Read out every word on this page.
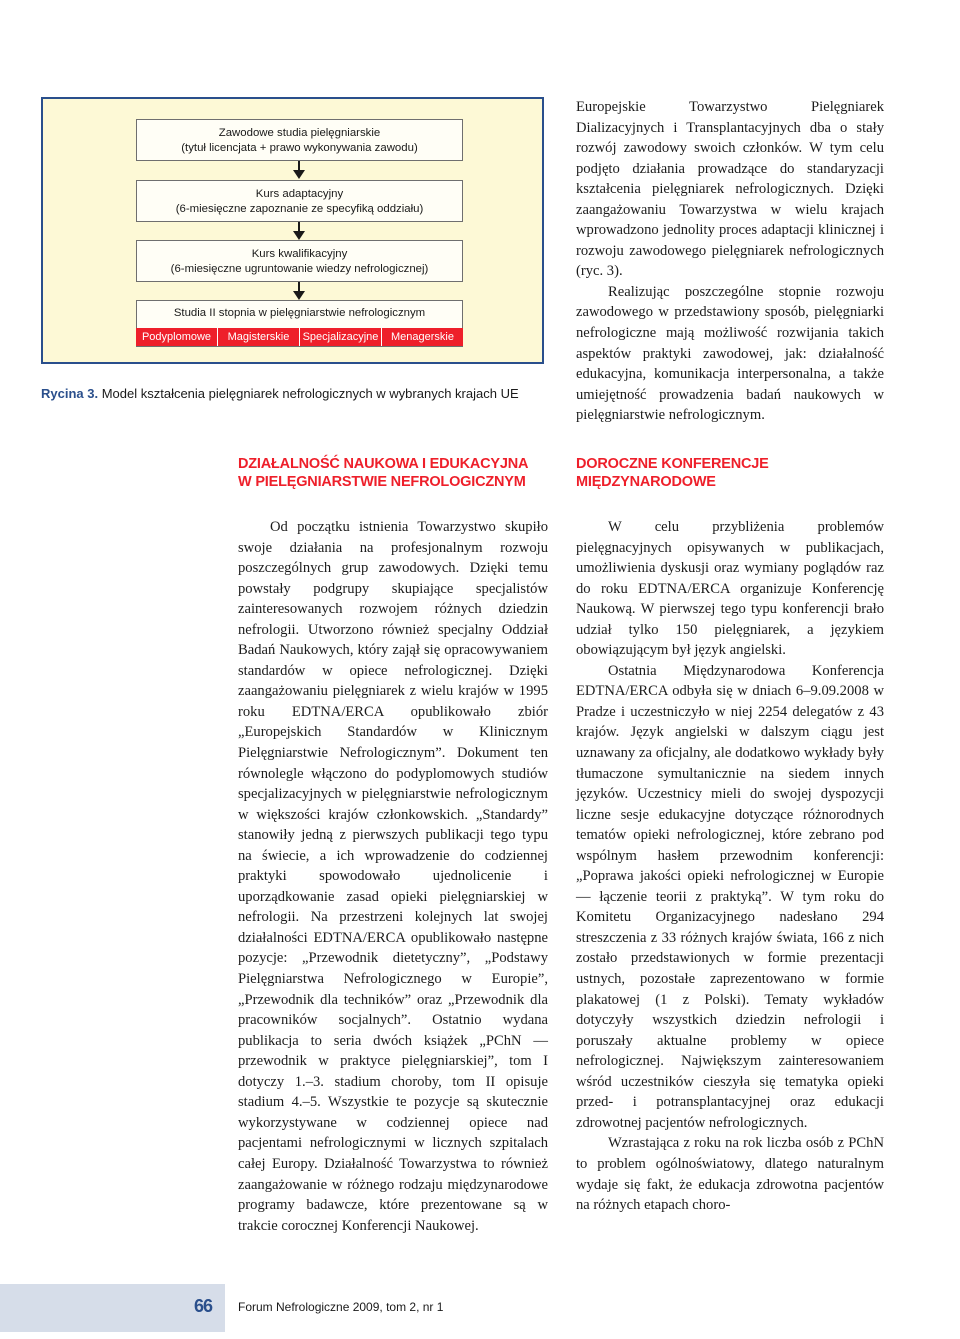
Zawodowe studia pielęgniarskie
(tytuł licencjata + prawo wykonywania zawodu)
Kurs adaptacyjny
(6-miesięczne zapoznanie ze specyfiką oddziału)
Kurs kwalifikacyjny
(6-miesięczne ugruntowanie wiedzy nefrologicznej)
Studia II stopnia w pielęgniarstwie nefrologicznym
Podyplomowe	Magisterskie	Specjalizacyjne	Menagerskie
Rycina 3. Model kształcenia pielęgniarek nefrologicznych w wybranych krajach UE

Europejskie Towarzystwo Pielęgniarek Dializacyjnych i Transplantacyjnych dba o stały rozwój zawodowy swoich członków. W tym celu podjęto działania prowadzące do standaryzacji kształcenia pielęgniarek nefrologicznych. Dzięki zaangażowaniu Towarzystwa w wielu krajach wprowadzono jednolity proces adaptacji klinicznej i rozwoju zawodowego pielęgniarek nefrologicznych (ryc. 3).

Realizując poszczególne stopnie rozwoju zawodowego w przedstawiony sposób, pielęgniarki nefrologiczne mają możliwość rozwijania takich aspektów praktyki zawodowej, jak: działalność edukacyjna, komunikacja interpersonalna, a także umiejętność prowadzenia badań naukowych w pielęgniarstwie nefrologicznym.

DZIAŁALNOŚĆ NAUKOWA I EDUKACYJNA
W PIELĘGNIARSTWIE NEFROLOGICZNYM

Od początku istnienia Towarzystwo skupiło swoje działania na profesjonalnym rozwoju poszczególnych grup zawodowych. Dzięki temu powstały podgrupy skupiające specjalistów zainteresowanych rozwojem różnych dziedzin nefrologii. Utworzono również specjalny Oddział Badań Naukowych, który zajął się opracowywaniem standardów w opiece nefrologicznej. Dzięki zaangażowaniu pielęgniarek z wielu krajów w 1995 roku EDTNA/ERCA opublikowało zbiór „Europejskich Standardów w Klinicznym Pielęgniarstwie Nefrologicznym”. Dokument ten równolegle włączono do podyplomowych studiów specjalizacyjnych w pielęgniarstwie nefrologicznym w większości krajów członkowskich. „Standardy” stanowiły jedną z pierwszych publikacji tego typu na świecie, a ich wprowadzenie do codziennej praktyki spowodowało ujednolicenie i uporządkowanie zasad opieki pielęgniarskiej w nefrologii. Na przestrzeni kolejnych lat swojej działalności EDTNA/ERCA opublikowało następne pozycje: „Przewodnik dietetyczny”, „Podstawy Pielęgniarstwa Nefrologicznego w Europie”, „Przewodnik dla techników” oraz „Przewodnik dla pracowników socjalnych”. Ostatnio wydana publikacja to seria dwóch książek „PChN — przewodnik w praktyce pielęgniarskiej”, tom I dotyczy 1.–3. stadium choroby, tom II opisuje stadium 4.–5. Wszystkie te pozycje są skutecznie wykorzystywane w codziennej opiece nad pacjentami nefrologicznymi w licznych szpitalach całej Europy. Działalność Towarzystwa to również zaangażowanie w różnego rodzaju międzynarodowe programy badawcze, które prezentowane są w trakcie corocznej Konferencji Naukowej.

DOROCZNE KONFERENCJE MIĘDZYNARODOWE

W celu przybliżenia problemów pielęgnacyjnych opisywanych w publikacjach, umożliwienia dyskusji oraz wymiany poglądów raz do roku EDTNA/ERCA organizuje Konferencję Naukową. W pierwszej tego typu konferencji brało udział tylko 150 pielęgniarek, a językiem obowiązującym był język angielski.

Ostatnia Międzynarodowa Konferencja EDTNA/ERCA odbyła się w dniach 6–9.09.2008 w Pradze i uczestniczyło w niej 2254 delegatów z 43 krajów. Język angielski w dalszym ciągu jest uznawany za oficjalny, ale dodatkowo wykłady były tłumaczone symultanicznie na siedem innych języków. Uczestnicy mieli do swojej dyspozycji liczne sesje edukacyjne dotyczące różnorodnych tematów opieki nefrologicznej, które zebrano pod wspólnym hasłem przewodnim konferencji: „Poprawa jakości opieki nefrologicznej w Europie — łączenie teorii z praktyką”. W tym roku do Komitetu Organizacyjnego nadesłano 294 streszczenia z 33 różnych krajów świata, 166 z nich zostało przedstawionych w formie prezentacji ustnych, pozostałe zaprezentowano w formie plakatowej (1 z Polski). Tematy wykładów dotyczyły wszystkich dziedzin nefrologii i poruszały aktualne problemy w opiece nefrologicznej. Największym zainteresowaniem wśród uczestników cieszyła się tematyka opieki przed- i potransplantacyjnej oraz edukacji zdrowotnej pacjentów nefrologicznych.

Wzrastająca z roku na rok liczba osób z PChN to problem ogólnoświatowy, dlatego naturalnym wydaje się fakt, że edukacja zdrowotna pacjentów na różnych etapach choro-

66 Forum Nefrologiczne 2009, tom 2, nr 1
